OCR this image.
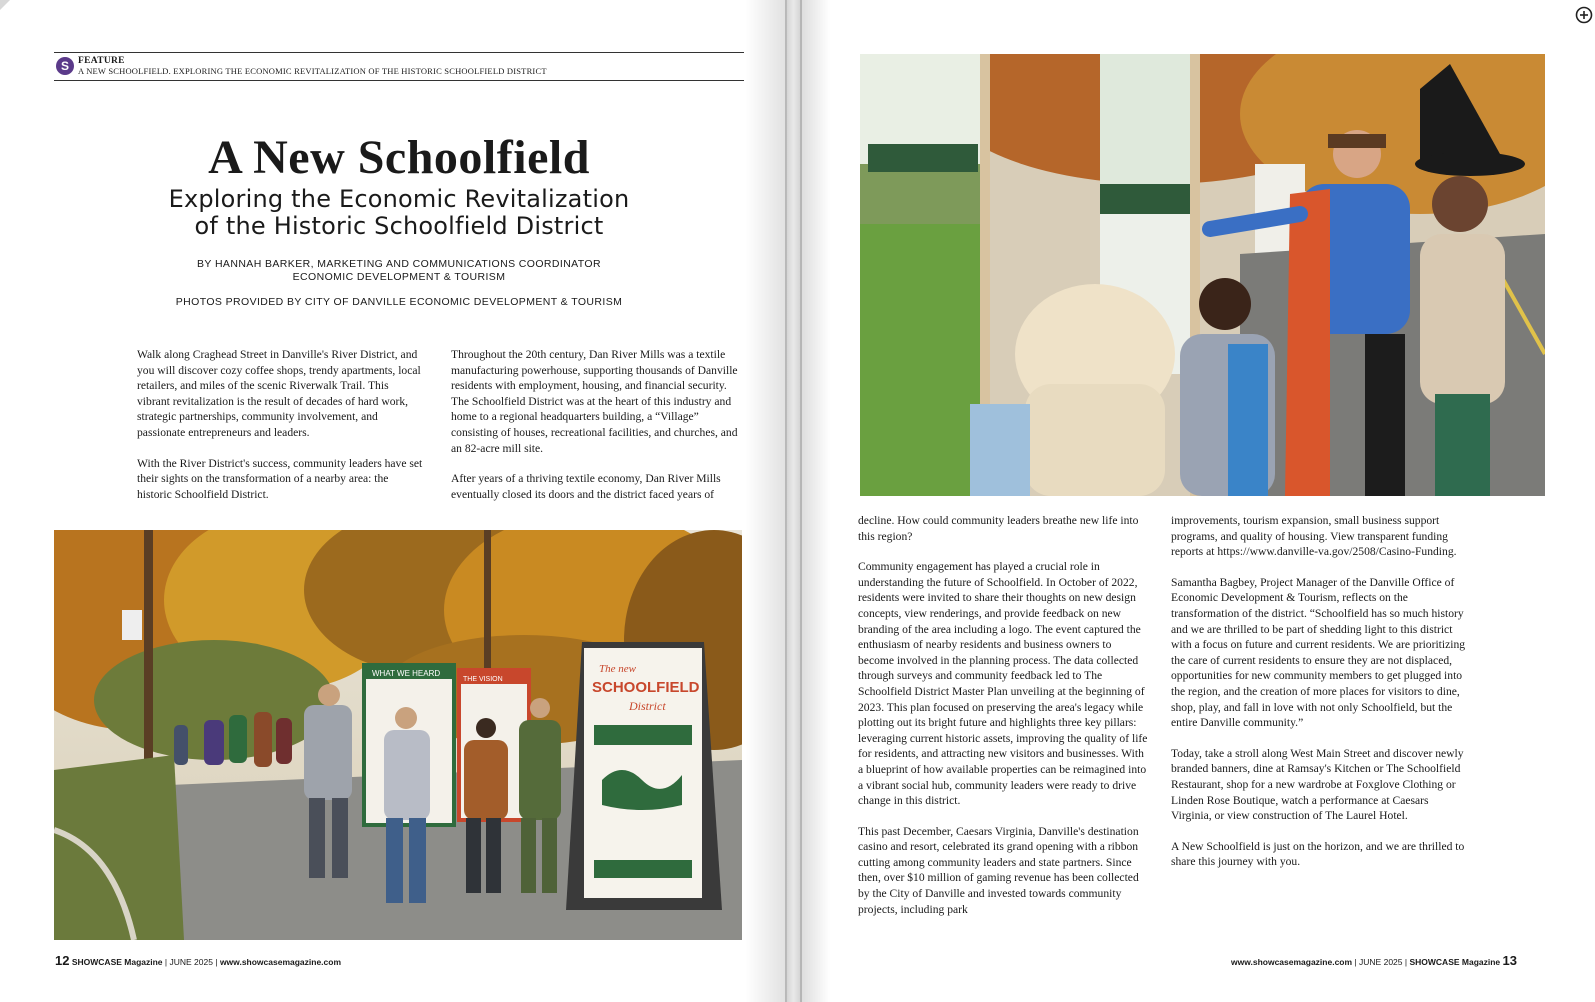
S FEATURE
A NEW SCHOOLFIELD. EXPLORING THE ECONOMIC REVITALIZATION OF THE HISTORIC SCHOOLFIELD DISTRICT
A New Schoolfield
Exploring the Economic Revitalization
of the Historic Schoolfield District
BY HANNAH BARKER, MARKETING AND COMMUNICATIONS COORDINATOR
ECONOMIC DEVELOPMENT & TOURISM
PHOTOS PROVIDED BY CITY OF DANVILLE ECONOMIC DEVELOPMENT & TOURISM

Walk along Craghead Street in Danville's River District, and you will discover cozy coffee shops, trendy apartments, local retailers, and miles of the scenic Riverwalk Trail. This vibrant revitalization is the result of decades of hard work, strategic partnerships, community involvement, and passionate entrepreneurs and leaders.

With the River District's success, community leaders have set their sights on the transformation of a nearby area: the historic Schoolfield District.

Throughout the 20th century, Dan River Mills was a textile manufacturing powerhouse, supporting thousands of Danville residents with employment, housing, and financial security. The Schoolfield District was at the heart of this industry and home to a regional headquarters building, a “Village” consisting of houses, recreational facilities, and churches, and an 82-acre mill site.

After years of a thriving textile economy, Dan River Mills eventually closed its doors and the district faced years of

WHAT WE HEARD
THE VISION
The new
SCHOOLFIELD
District
12 SHOWCASE Magazine | JUNE 2025 | www.showcasemagazine.com

decline. How could community leaders breathe new life into this region?

Community engagement has played a crucial role in understanding the future of Schoolfield. In October of 2022, residents were invited to share their thoughts on new design concepts, view renderings, and provide feedback on new branding of the area including a logo. The event captured the enthusiasm of nearby residents and business owners to become involved in the planning process. The data collected through surveys and community feedback led to The Schoolfield District Master Plan unveiling at the beginning of 2023. This plan focused on preserving the area's legacy while plotting out its bright future and highlights three key pillars: leveraging current historic assets, improving the quality of life for residents, and attracting new visitors and businesses. With a blueprint of how available properties can be reimagined into a vibrant social hub, community leaders were ready to drive change in this district.

This past December, Caesars Virginia, Danville's destination casino and resort, celebrated its grand opening with a ribbon cutting among community leaders and state partners. Since then, over $10 million of gaming revenue has been collected by the City of Danville and invested towards community projects, including park

improvements, tourism expansion, small business support programs, and quality of housing. View transparent funding reports at https://www.danville-va.gov/2508/Casino-Funding.

Samantha Bagbey, Project Manager of the Danville Office of Economic Development & Tourism, reflects on the transformation of the district. “Schoolfield has so much history and we are thrilled to be part of shedding light to this district with a focus on future and current residents. We are prioritizing the care of current residents to ensure they are not displaced, opportunities for new community members to get plugged into the region, and the creation of more places for visitors to dine, shop, play, and fall in love with not only Schoolfield, but the entire Danville community.”

Today, take a stroll along West Main Street and discover newly branded banners, dine at Ramsay's Kitchen or The Schoolfield Restaurant, shop for a new wardrobe at Foxglove Clothing or Linden Rose Boutique, watch a performance at Caesars Virginia, or view construction of The Laurel Hotel.

A New Schoolfield is just on the horizon, and we are thrilled to share this journey with you.

www.showcasemagazine.com | JUNE 2025 | SHOWCASE Magazine 13
